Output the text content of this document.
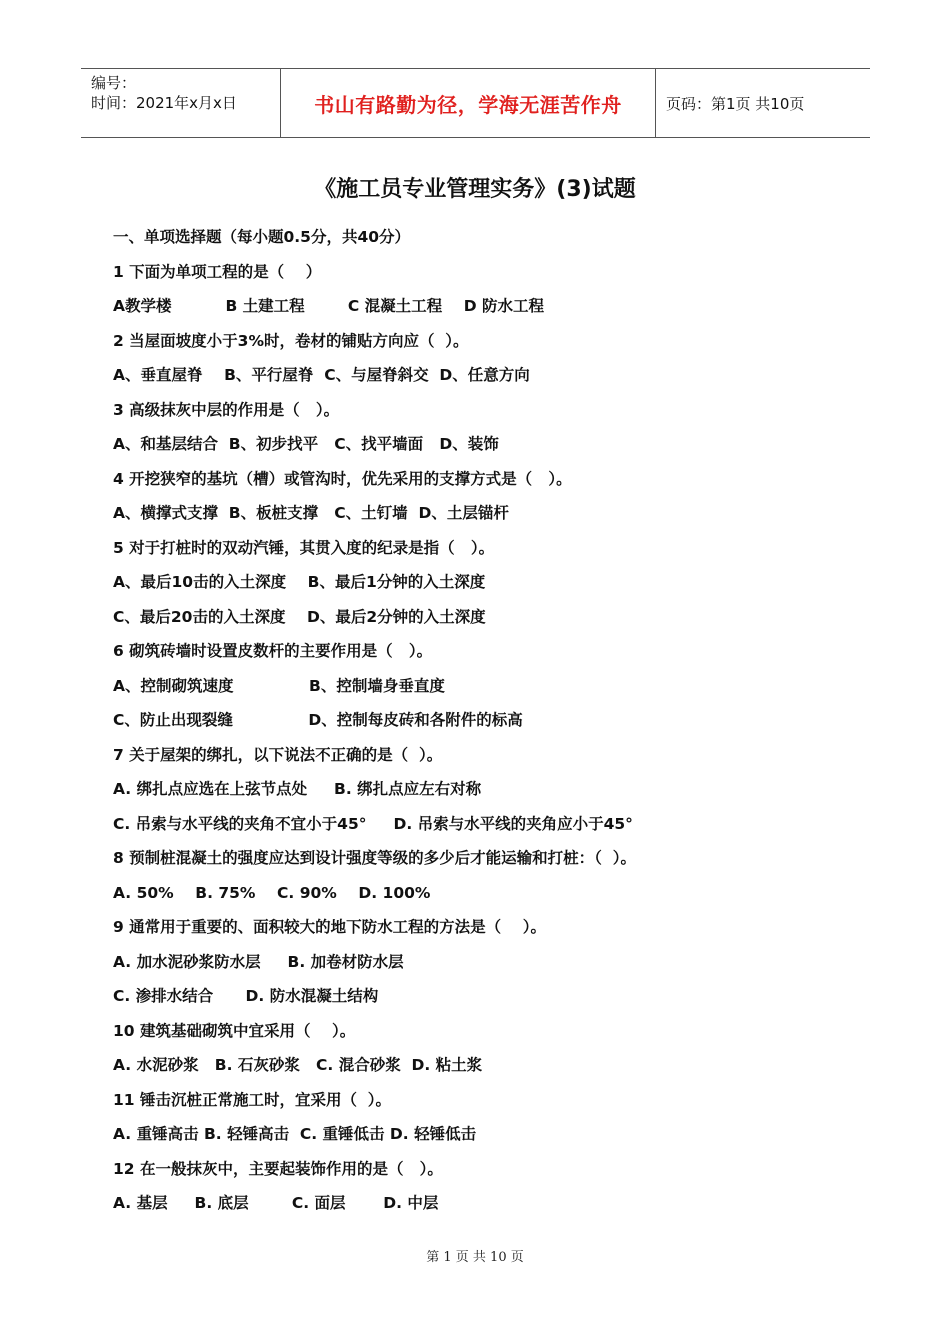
编号：
时间：2021年x月x日	书山有路勤为径，学海无涯苦作舟	页码：第1页 共10页
《施工员专业管理实务》(3)试题
一、单项选择题（每小题0.5分，共40分）
1 下面为单项工程的是（    ）
A教学楼          B 土建工程        C 混凝土工程    D 防水工程
2 当屋面坡度小于3%时，卷材的铺贴方向应（  ）。
A、垂直屋脊    B、平行屋脊  C、与屋脊斜交  D、任意方向
3 高级抹灰中层的作用是（   ）。
A、和基层结合  B、初步找平   C、找平墙面   D、装饰
4 开挖狭窄的基坑（槽）或管沟时，优先采用的支撑方式是（   ）。
A、横撑式支撑  B、板桩支撑   C、土钉墙  D、土层锚杆
5 对于打桩时的双动汽锤，其贯入度的纪录是指（   ）。
A、最后10击的入土深度    B、最后1分钟的入土深度
C、最后20击的入土深度    D、最后2分钟的入土深度
6 砌筑砖墙时设置皮数杆的主要作用是（   ）。
A、控制砌筑速度              B、控制墙身垂直度
C、防止出现裂缝              D、控制每皮砖和各附件的标高
7 关于屋架的绑扎，以下说法不正确的是（  ）。
A. 绑扎点应选在上弦节点处     B. 绑扎点应左右对称
C. 吊索与水平线的夹角不宜小于45°     D. 吊索与水平线的夹角应小于45°
8 预制桩混凝土的强度应达到设计强度等级的多少后才能运输和打桩：（  ）。
A. 50%    B. 75%    C. 90%    D. 100%
9 通常用于重要的、面积较大的地下防水工程的方法是（    ）。
A. 加水泥砂浆防水层     B. 加卷材防水层
C. 渗排水结合      D. 防水混凝土结构
10 建筑基础砌筑中宜采用（    ）。
A. 水泥砂浆   B. 石灰砂浆   C. 混合砂浆  D. 粘土浆
11 锤击沉桩正常施工时，宜采用（  ）。
A. 重锤高击 B. 轻锤高击  C. 重锤低击 D. 轻锤低击
12 在一般抹灰中，主要起装饰作用的是（   ）。
A. 基层     B. 底层        C. 面层       D. 中层
第 1 页 共 10 页
